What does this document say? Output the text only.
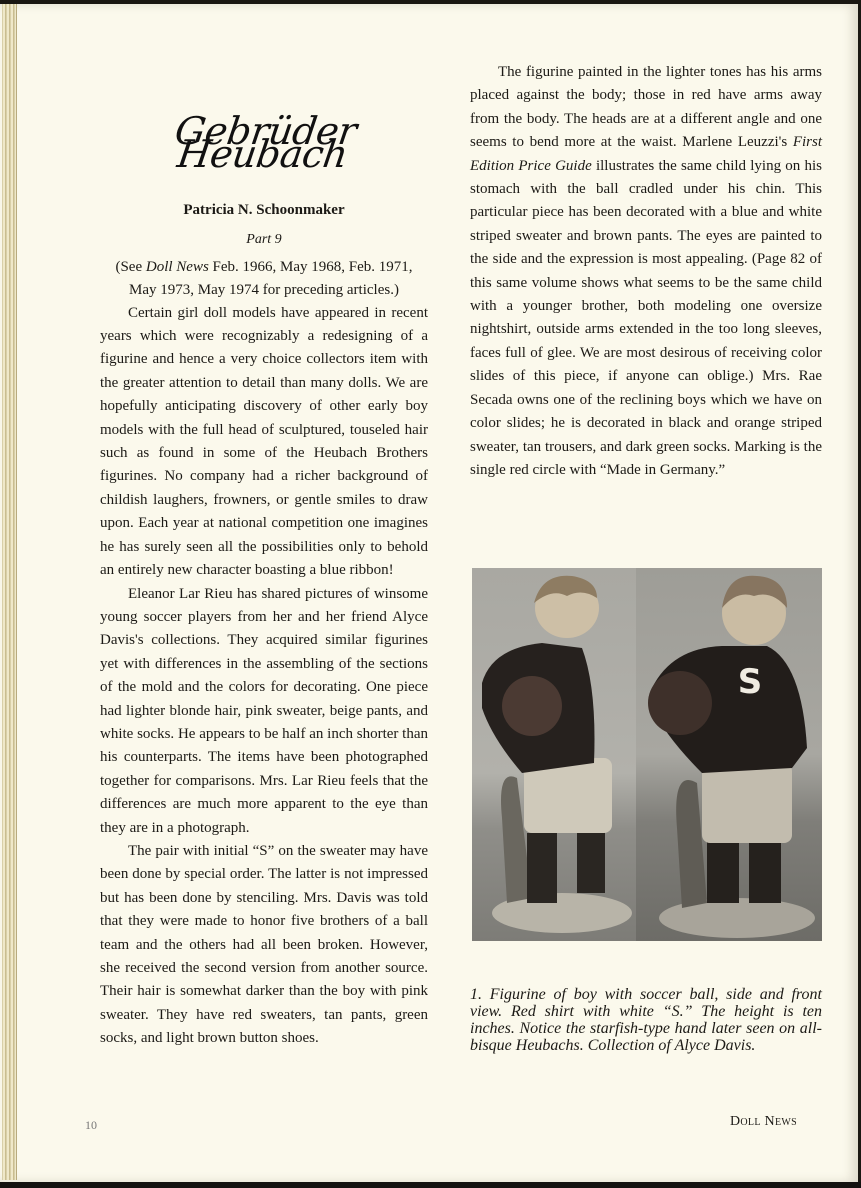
Gebrüder Heubach
Patricia N. Schoonmaker
Part 9
(See Doll News Feb. 1966, May 1968, Feb. 1971,
May 1973, May 1974 for preceding articles.)

Certain girl doll models have appeared in recent years which were recognizably a redesigning of a figurine and hence a very choice collectors item with the greater attention to detail than many dolls. We are hopefully anticipating discovery of other early boy models with the full head of sculptured, touseled hair such as found in some of the Heubach Brothers figurines. No company had a richer background of childish laughers, frowners, or gentle smiles to draw upon. Each year at national competition one imagines he has surely seen all the possibilities only to behold an entirely new character boasting a blue ribbon!

Eleanor Lar Rieu has shared pictures of winsome young soccer players from her and her friend Alyce Davis's collections. They acquired similar figurines yet with differences in the assembling of the sections of the mold and the colors for decorating. One piece had lighter blonde hair, pink sweater, beige pants, and white socks. He appears to be half an inch shorter than his counterparts. The items have been photographed together for comparisons. Mrs. Lar Rieu feels that the differences are much more apparent to the eye than they are in a photograph.

The pair with initial “S” on the sweater may have been done by special order. The latter is not impressed but has been done by stenciling. Mrs. Davis was told that they were made to honor five brothers of a ball team and the others had all been broken. However, she received the second version from another source. Their hair is somewhat darker than the boy with pink sweater. They have red sweaters, tan pants, green socks, and light brown button shoes.

The figurine painted in the lighter tones has his arms placed against the body; those in red have arms away from the body. The heads are at a different angle and one seems to bend more at the waist. Marlene Leuzzi's First Edition Price Guide illustrates the same child lying on his stomach with the ball cradled under his chin. This particular piece has been decorated with a blue and white striped sweater and brown pants. The eyes are painted to the side and the expression is most appealing. (Page 82 of this same volume shows what seems to be the same child with a younger brother, both modeling one oversize nightshirt, outside arms extended in the too long sleeves, faces full of glee. We are most desirous of receiving color slides of this piece, if anyone can oblige.) Mrs. Rae Secada owns one of the reclining boys which we have on color slides; he is decorated in black and orange striped sweater, tan trousers, and dark green socks. Marking is the single red circle with “Made in Germany.”

S
1. Figurine of boy with soccer ball, side and front view. Red shirt with white “S.” The height is ten inches. Notice the starfish-type hand later seen on all-bisque Heubachs. Collection of Alyce Davis.
10	Doll News
